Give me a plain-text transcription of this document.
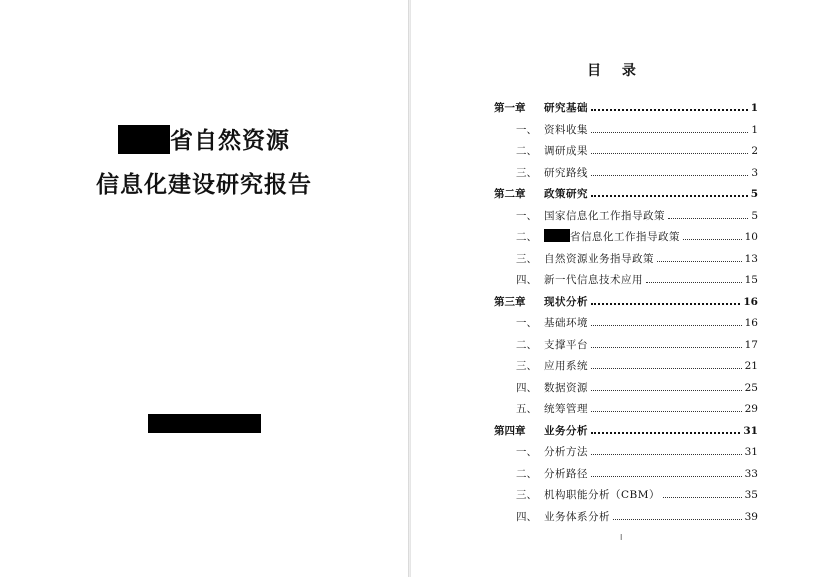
省自然资源
信息化建设研究报告
目 录
第一章	研究基础	1
一、 资料收集	1
二、 调研成果	2
三、 研究路线	3
第二章	政策研究	5
一、 国家信息化工作指导政策	5
二、	省信息化工作指导政策	10
三、 自然资源业务指导政策	13
四、 新一代信息技术应用	15
第三章	现状分析	16
一、 基础环境	16
二、 支撑平台	17
三、 应用系统	21
四、 数据资源	25
五、 统筹管理	29
第四章	业务分析	31
一、 分析方法	31
二、 分析路径	33
三、 机构职能分析（CBM）	35
四、 业务体系分析	39
I
